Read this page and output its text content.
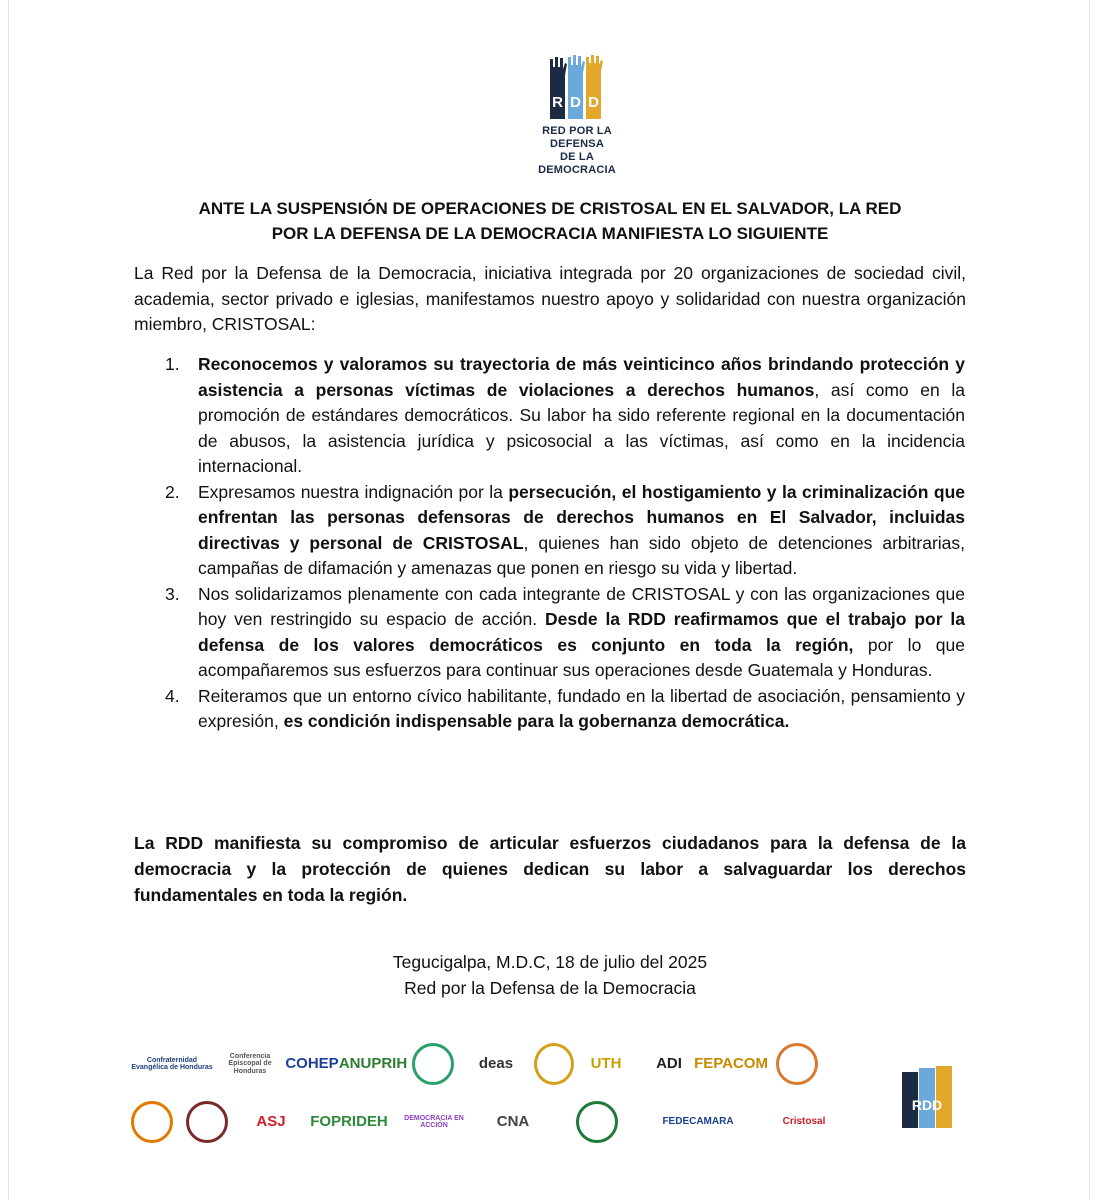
R D D
RED POR LA DEFENSA
DE LA DEMOCRACIA
ANTE LA SUSPENSIÓN DE OPERACIONES DE CRISTOSAL EN EL SALVADOR, LA RED
POR LA DEFENSA DE LA DEMOCRACIA MANIFIESTA LO SIGUIENTE
La Red por la Defensa de la Democracia, iniciativa integrada por 20 organizaciones de sociedad civil, academia, sector privado e iglesias, manifestamos nuestro apoyo y solidaridad con nuestra organización miembro, CRISTOSAL:
1. Reconocemos y valoramos su trayectoria de más veinticinco años brindando protección y asistencia a personas víctimas de violaciones a derechos humanos, así como en la promoción de estándares democráticos. Su labor ha sido referente regional en la documentación de abusos, la asistencia jurídica y psicosocial a las víctimas, así como en la incidencia internacional.
2. Expresamos nuestra indignación por la persecución, el hostigamiento y la criminalización que enfrentan las personas defensoras de derechos humanos en El Salvador, incluidas directivas y personal de CRISTOSAL, quienes han sido objeto de detenciones arbitrarias, campañas de difamación y amenazas que ponen en riesgo su vida y libertad.
3. Nos solidarizamos plenamente con cada integrante de CRISTOSAL y con las organizaciones que hoy ven restringido su espacio de acción. Desde la RDD reafirmamos que el trabajo por la defensa de los valores democráticos es conjunto en toda la región, por lo que acompañaremos sus esfuerzos para continuar sus operaciones desde Guatemala y Honduras.
4. Reiteramos que un entorno cívico habilitante, fundado en la libertad de asociación, pensamiento y expresión, es condición indispensable para la gobernanza democrática.
La RDD manifiesta su compromiso de articular esfuerzos ciudadanos para la defensa de la democracia y la protección de quienes dedican su labor a salvaguardar los derechos fundamentales en toda la región.
Tegucigalpa, M.D.C, 18 de julio del 2025
Red por la Defensa de la Democracia
Confraternidad Evangélica de Honduras
Conferencia Episcopal de Honduras	COHEP ANUPRIH	deas	UTH ADI FEPACOM
ASJ FOPRIDEH	DEMOCRACIA EN ACCIÓN	CNA	FEDECAMARA	Cristosal
RDD
